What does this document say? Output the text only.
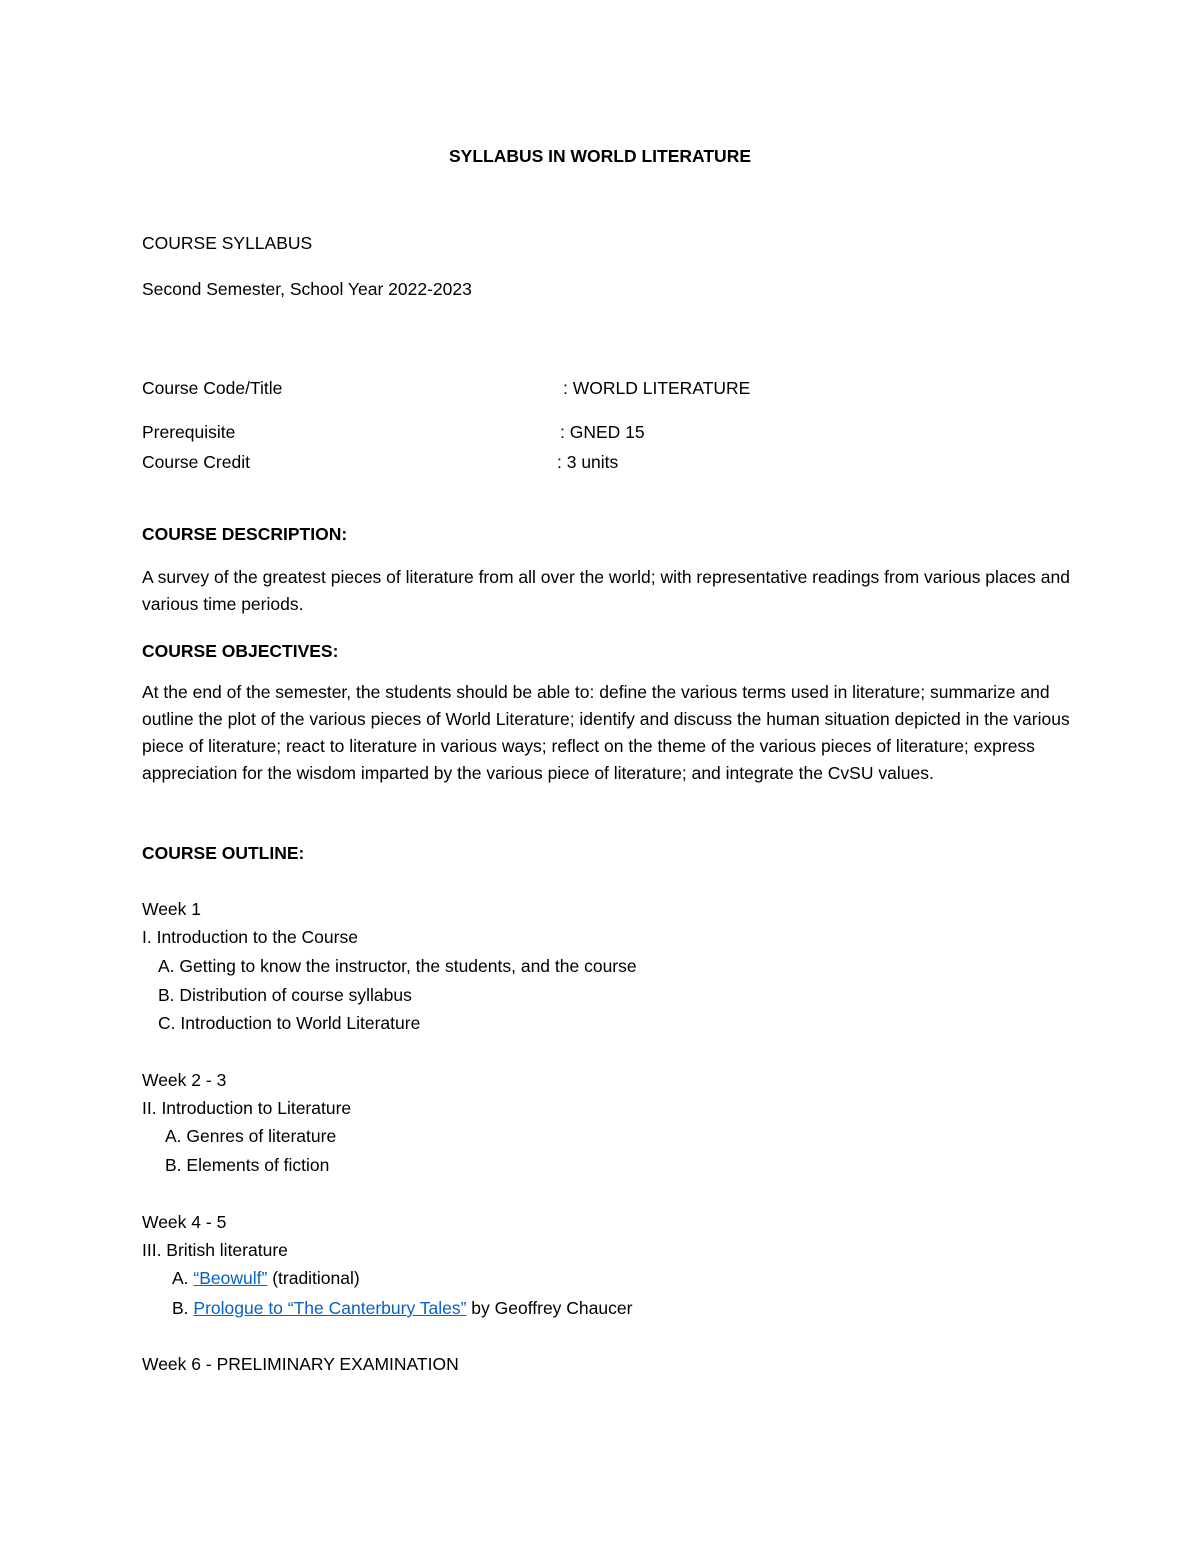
SYLLABUS IN WORLD LITERATURE
COURSE SYLLABUS
Second Semester, School Year 2022-2023
Course Code/Title	: WORLD LITERATURE
Prerequisite	: GNED 15
Course Credit	: 3 units
COURSE DESCRIPTION:
A survey of the greatest pieces of literature from all over the world; with representative readings from various places and various time periods.
COURSE OBJECTIVES:
At the end of the semester, the students should be able to: define the various terms used in literature; summarize and outline the plot of the various pieces of World Literature; identify and discuss the human situation depicted in the various piece of literature; react to literature in various ways; reflect on the theme of the various pieces of literature; express appreciation for the wisdom imparted by the various piece of literature; and integrate the CvSU values.
COURSE OUTLINE:
Week 1
I. Introduction to the Course
A. Getting to know the instructor, the students, and the course
B. Distribution of course syllabus
C. Introduction to World Literature
Week 2 - 3
II. Introduction to Literature
A. Genres of literature
B. Elements of fiction
Week 4 - 5
III. British literature
A. “Beowulf” (traditional)
B. Prologue to “The Canterbury Tales” by Geoffrey Chaucer
Week 6 - PRELIMINARY EXAMINATION
